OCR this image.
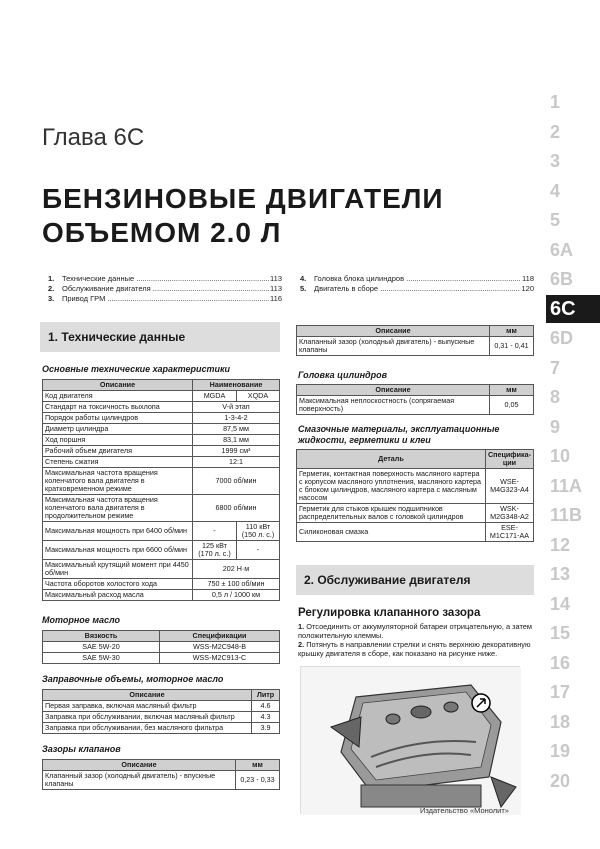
Глава 6С
БЕНЗИНОВЫЕ ДВИГАТЕЛИ
ОБЪЕМОМ 2.0 Л
1.	Технические данные .....	113
2.	Обслуживание двигателя .....	113
3.	Привод ГРМ .....	116
4.	Головка блока цилиндров .....	118
5.	Двигатель в сборе .....	120
1. Технические данные
Основные технические характеристики
Описание	Наименование	
Код двигателя	MGDA	XQDA
Стандарт на токсичность выхлопа	V-й этап	
Порядок работы цилиндров	1-3-4-2	
Диаметр цилиндра	87,5 мм	
Ход поршня	83,1 мм	
Рабочий объем двигателя	1999 см³	
Степень сжатия	12:1	
Максимальная частота вращения коленчатого вала двигателя в кратковременном режиме	7000 об/мин	
Максимальная частота вращения коленчатого вала двигателя в продолжительном режиме	6800 об/мин	
Максимальная мощность при 6400 об/мин	-	110 кВт (150 л. с.)
Максимальная мощность при 6600 об/мин	125 кВт (170 л. с.)	-
Максимальный крутящий момент при 4450 об/мин	202 Н·м	
Частота оборотов холостого хода	750 ± 100 об/мин	
Максимальный расход масла	0,5 л / 1000 км	
Моторное масло
Вязкость	Спецификации
SAE 5W-20	WSS-M2C948-B
SAE 5W-30	WSS-M2C913-C
Заправочные объемы, моторное масло
Описание	Литр
Первая заправка, включая масляный фильтр	4.6
Заправка при обслуживании, включая масляный фильтр	4.3
Заправка при обслуживании, без масляного фильтра	3.9
Зазоры клапанов
Описание	мм
Клапанный зазор (холодный двигатель) - впускные клапаны	0,23 - 0,33
Описание	мм
Клапанный зазор (холодный двигатель) - выпускные клапаны	0,31 - 0,41
Головка цилиндров
Описание	мм
Максимальная неплоскостность (сопрягаемая поверхность)	0,05
Смазочные материалы, эксплуатационные жидкости, герметики и клеи
Деталь	Специфика-ции
Герметик, контактная поверхность масляного картера с корпусом масляного уплотнения, масляного картера с блоком цилиндров, масляного картера с масляным насосом	WSE-M4G323-A4
Герметик для стыков крышек подшипников распределительных валов с головкой цилиндров	WSK-M2G348-A2
Силиконовая смазка	ESE-M1C171-AA
2. Обслуживание двигателя
Регулировка клапанного зазора
1. Отсоединить от аккумуляторной батареи отрицательную, а затем положительную клеммы.
2. Потянуть в направлении стрелки и снять верхнюю декоративную крышку двигателя в сборе, как показано на рисунке ниже.
1
2
3
4
5
6A
6B
6C
6D
7
8
9
10
11A
11B
12
13
14
15
16
17
18
19
20
Издательство «Монолит»
